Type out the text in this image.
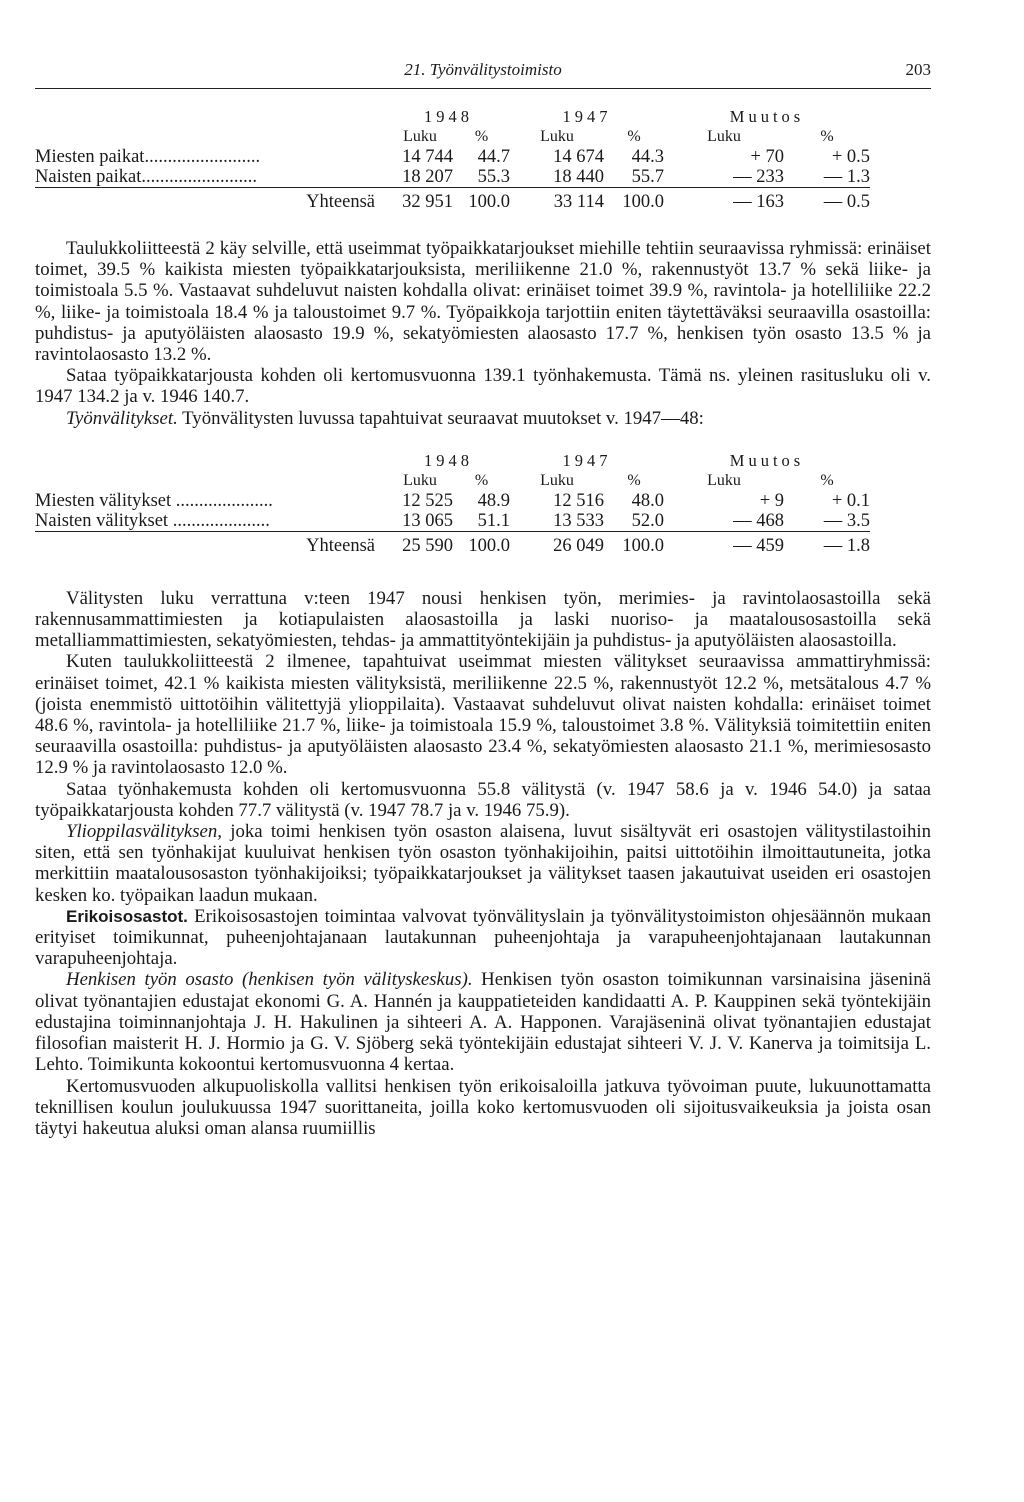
21. Työnvälitystoimisto	203
	1948		1947		Muutos	
	Luku	%	Luku	%	Luku	%
Miesten paikat.........................	14 744	44.7	14 674	44.3	+ 70	+ 0.5
Naisten paikat.........................	18 207	55.3	18 440	55.7	— 233	— 1.3
Yhteensä	32 951	100.0	33 114	100.0	— 163	— 0.5

Taulukkoliitteestä 2 käy selville, että useimmat työpaikkatarjoukset miehille tehtiin seuraavissa ryhmissä: erinäiset toimet, 39.5 % kaikista miesten työpaikkatarjouksista, meriliikenne 21.0 %, rakennustyöt 13.7 % sekä liike- ja toimistoala 5.5 %. Vastaavat suhdeluvut naisten kohdalla olivat: erinäiset toimet 39.9 %, ravintola- ja hotelliliike 22.2 %, liike- ja toimistoala 18.4 % ja taloustoimet 9.7 %. Työpaikkoja tarjottiin eniten täytettäväksi seuraavilla osastoilla: puhdistus- ja aputyöläisten alaosasto 19.9 %, sekatyömiesten alaosasto 17.7 %, henkisen työn osasto 13.5 % ja ravintolaosasto 13.2 %.

Sataa työpaikkatarjousta kohden oli kertomusvuonna 139.1 työnhakemusta. Tämä ns. yleinen rasitusluku oli v. 1947 134.2 ja v. 1946 140.7.

Työnvälitykset. Työnvälitysten luvussa tapahtuivat seuraavat muutokset v. 1947—48:

	1948		1947		Muutos	
	Luku	%	Luku	%	Luku	%
Miesten välitykset .....................	12 525	48.9	12 516	48.0	+ 9	+ 0.1
Naisten välitykset .....................	13 065	51.1	13 533	52.0	— 468	— 3.5
Yhteensä	25 590	100.0	26 049	100.0	— 459	— 1.8

Välitysten luku verrattuna v:teen 1947 nousi henkisen työn, merimies- ja ravintolaosastoilla sekä rakennusammattimiesten ja kotiapulaisten alaosastoilla ja laski nuoriso- ja maatalousosastoilla sekä metalliammattimiesten, sekatyömiesten, tehdas- ja ammattityöntekijäin ja puhdistus- ja aputyöläisten alaosastoilla.

Kuten taulukkoliitteestä 2 ilmenee, tapahtuivat useimmat miesten välitykset seuraavissa ammattiryhmissä: erinäiset toimet, 42.1 % kaikista miesten välityksistä, meriliikenne 22.5 %, rakennustyöt 12.2 %, metsätalous 4.7 % (joista enemmistö uittotöihin välitettyjä ylioppilaita). Vastaavat suhdeluvut olivat naisten kohdalla: erinäiset toimet 48.6 %, ravintola- ja hotelliliike 21.7 %, liike- ja toimistoala 15.9 %, taloustoimet 3.8 %. Välityksiä toimitettiin eniten seuraavilla osastoilla: puhdistus- ja aputyöläisten alaosasto 23.4 %, sekatyömiesten alaosasto 21.1 %, merimiesosasto 12.9 % ja ravintolaosasto 12.0 %.

Sataa työnhakemusta kohden oli kertomusvuonna 55.8 välitystä (v. 1947 58.6 ja v. 1946 54.0) ja sataa työpaikkatarjousta kohden 77.7 välitystä (v. 1947 78.7 ja v. 1946 75.9).

Ylioppilasvälityksen, joka toimi henkisen työn osaston alaisena, luvut sisältyvät eri osastojen välitystilastoihin siten, että sen työnhakijat kuuluivat henkisen työn osaston työnhakijoihin, paitsi uittotöihin ilmoittautuneita, jotka merkittiin maatalousosaston työnhakijoiksi; työpaikkatarjoukset ja välitykset taasen jakautuivat useiden eri osastojen kesken ko. työpaikan laadun mukaan.

Erikoisosastot. Erikoisosastojen toimintaa valvovat työnvälityslain ja työnvälitystoimiston ohjesäännön mukaan erityiset toimikunnat, puheenjohtajanaan lautakunnan puheenjohtaja ja varapuheenjohtajanaan lautakunnan varapuheenjohtaja.

Henkisen työn osasto (henkisen työn välityskeskus). Henkisen työn osaston toimikunnan varsinaisina jäseninä olivat työnantajien edustajat ekonomi G. A. Hannén ja kauppatieteiden kandidaatti A. P. Kauppinen sekä työntekijäin edustajina toiminnanjohtaja J. H. Hakulinen ja sihteeri A. A. Happonen. Varajäseninä olivat työnantajien edustajat filosofian maisterit H. J. Hormio ja G. V. Sjöberg sekä työntekijäin edustajat sihteeri V. J. V. Kanerva ja toimitsija L. Lehto. Toimikunta kokoontui kertomusvuonna 4 kertaa.

Kertomusvuoden alkupuoliskolla vallitsi henkisen työn erikoisaloilla jatkuva työvoiman puute, lukuunottamatta teknillisen koulun joulukuussa 1947 suorittaneita, joilla koko kertomusvuoden oli sijoitusvaikeuksia ja joista osan täytyi hakeutua aluksi oman alansa ruumiillis
